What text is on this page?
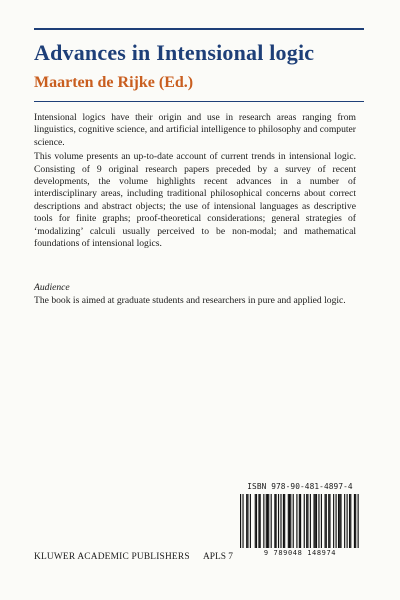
Advances in Intensional logic
Maarten de Rijke (Ed.)

Intensional logics have their origin and use in research areas ranging from linguistics, cognitive science, and artificial intelligence to philosophy and computer science.

This volume presents an up-to-date account of current trends in intensional logic. Consisting of 9 original research papers preceded by a survey of recent developments, the volume highlights recent advances in a number of interdisciplinary areas, including traditional philosophical concerns about correct descriptions and abstract objects; the use of intensional languages as descriptive tools for finite graphs; proof-theoretical considerations; general strategies of ‘modalizing’ calculi usually perceived to be non-modal; and mathematical foundations of intensional logics.

Audience
The book is aimed at graduate students and researchers in pure and applied logic.

ISBN 978-90-481-4897-4

9 789048 148974
KLUWER ACADEMIC PUBLISHERS APLS 7
